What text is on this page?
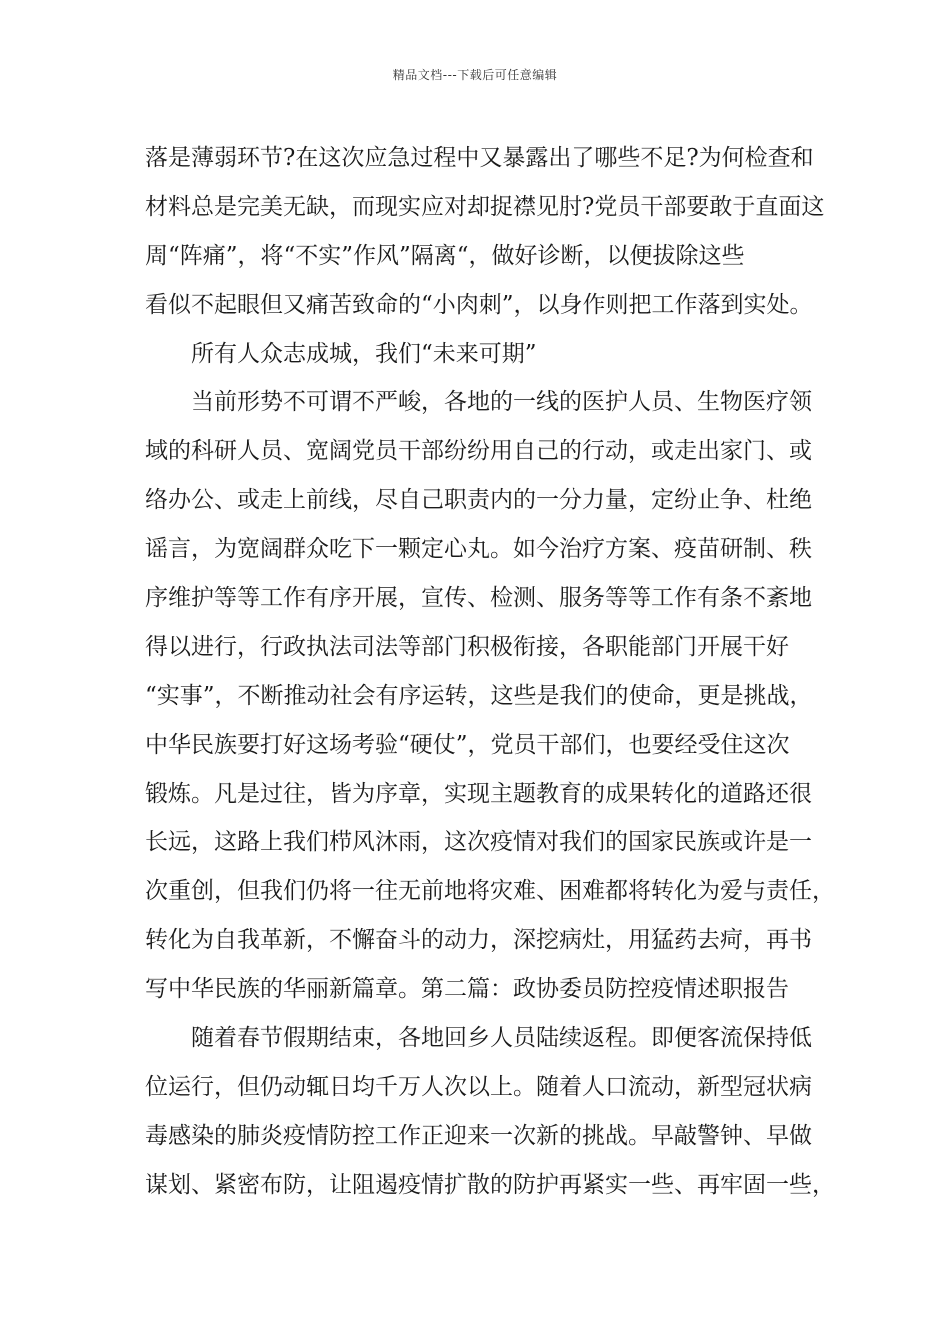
精品文档---下载后可任意编辑
落是薄弱环节?在这次应急过程中又暴露出了哪些不足?为何检查和
材料总是完美无缺，而现实应对却捉襟见肘?党员干部要敢于直面这
周“阵痛”，将“不实”作风”隔离“，做好诊断，以便拔除这些
看似不起眼但又痛苦致命的“小肉刺”，以身作则把工作落到实处。
所有人众志成城，我们“未来可期”
当前形势不可谓不严峻，各地的一线的医护人员、生物医疗领
域的科研人员、宽阔党员干部纷纷用自己的行动，或走出家门、或
络办公、或走上前线，尽自己职责内的一分力量，定纷止争、杜绝
谣言，为宽阔群众吃下一颗定心丸。如今治疗方案、疫苗研制、秩
序维护等等工作有序开展，宣传、检测、服务等等工作有条不紊地
得以进行，行政执法司法等部门积极衔接，各职能部门开展干好
“实事”，不断推动社会有序运转，这些是我们的使命，更是挑战，
中华民族要打好这场考验“硬仗”，党员干部们，也要经受住这次
锻炼。凡是过往，皆为序章，实现主题教育的成果转化的道路还很
长远，这路上我们栉风沐雨，这次疫情对我们的国家民族或许是一
次重创，但我们仍将一往无前地将灾难、困难都将转化为爱与责任，
转化为自我革新，不懈奋斗的动力，深挖病灶，用猛药去疴，再书
写中华民族的华丽新篇章。第二篇：政协委员防控疫情述职报告
随着春节假期结束，各地回乡人员陆续返程。即便客流保持低
位运行，但仍动辄日均千万人次以上。随着人口流动，新型冠状病
毒感染的肺炎疫情防控工作正迎来一次新的挑战。早敲警钟、早做
谋划、紧密布防，让阻遏疫情扩散的防护再紧实一些、再牢固一些，
